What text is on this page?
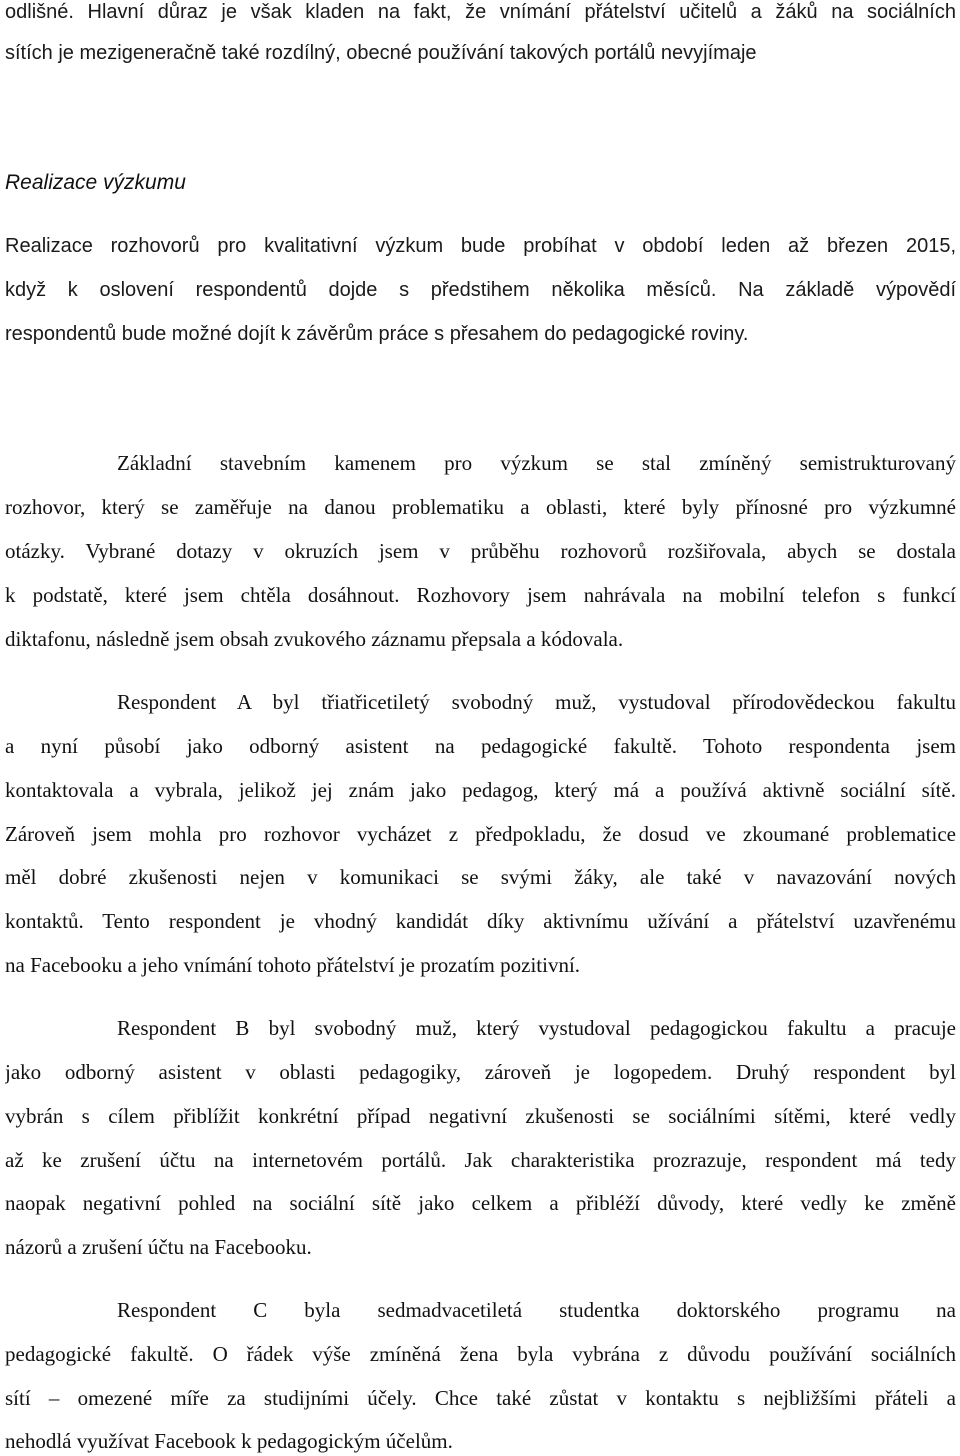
odlišné. Hlavní důraz je však kladen na fakt, že vnímání přátelství učitelů a žáků na sociálních
sítích je mezigeneračně také rozdílný, obecné používání takových portálů nevyjímaje
Realizace výzkumu
Realizace rozhovorů pro kvalitativní výzkum bude probíhat v období leden až březen 2015,
když k oslovení respondentů dojde s předstihem několika měsíců. Na základě výpovědí
respondentů bude možné dojít k závěrům práce s přesahem do pedagogické roviny.
Základní stavebním kamenem pro výzkum se stal zmíněný semistrukturovaný
rozhovor, který se zaměřuje na danou problematiku a oblasti, které byly přínosné pro výzkumné
otázky. Vybrané dotazy v okruzích jsem v průběhu rozhovorů rozšiřovala, abych se dostala
k podstatě, které jsem chtěla dosáhnout. Rozhovory jsem nahrávala na mobilní telefon s funkcí
diktafonu, následně jsem obsah zvukového záznamu přepsala a kódovala.
Respondent A byl třiatřicetiletý svobodný muž, vystudoval přírodovědeckou fakultu
a nyní působí jako odborný asistent na pedagogické fakultě. Tohoto respondenta jsem
kontaktovala a vybrala, jelikož jej znám jako pedagog, který má a používá aktivně sociální sítě.
Zároveň jsem mohla pro rozhovor vycházet z předpokladu, že dosud ve zkoumané problematice
měl dobré zkušenosti nejen v komunikaci se svými žáky, ale také v navazování nových
kontaktů. Tento respondent je vhodný kandidát díky aktivnímu užívání a přátelství uzavřenému
na Facebooku a jeho vnímání tohoto přátelství je prozatím pozitivní.
Respondent B byl svobodný muž, který vystudoval pedagogickou fakultu a pracuje
jako odborný asistent v oblasti pedagogiky, zároveň je logopedem. Druhý respondent byl
vybrán s cílem přiblížit konkrétní případ negativní zkušenosti se sociálními sítěmi, které vedly
až ke zrušení účtu na internetovém portálů. Jak charakteristika prozrazuje, respondent má tedy
naopak negativní pohled na sociální sítě jako celkem a přibléží důvody, které vedly ke změně
názorů a zrušení účtu na Facebooku.
Respondent C byla sedmadvacetiletá studentka doktorského programu na
pedagogické fakultě. O řádek výše zmíněná žena byla vybrána z důvodu používání sociálních
sítí – omezené míře za studijními účely. Chce také zůstat v kontaktu s nejbližšími přáteli a
nehodlá využívat Facebook k pedagogickým účelům.
